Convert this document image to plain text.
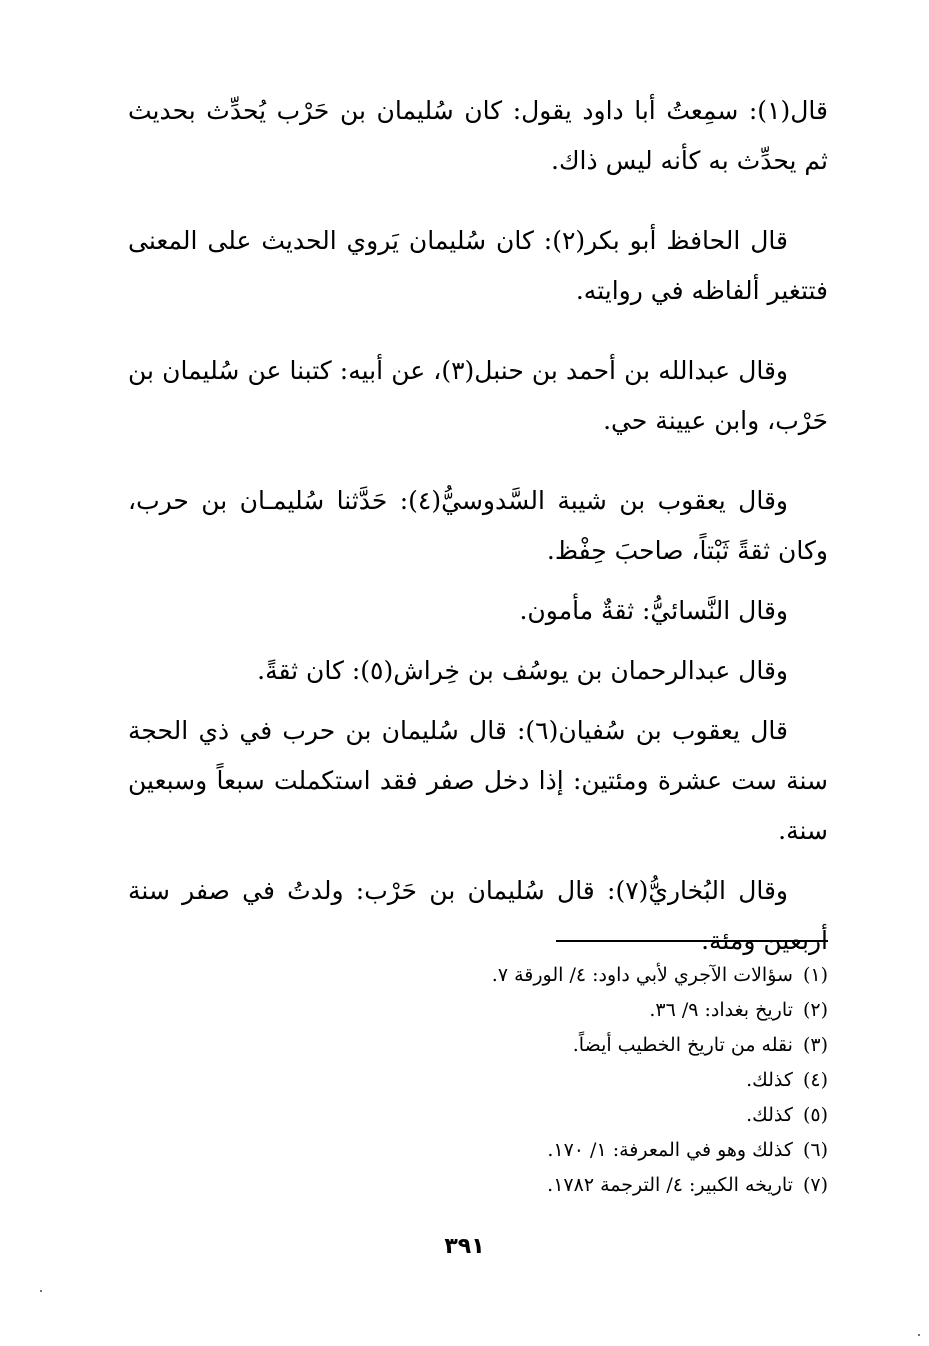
قال(١): سمِعتُ أبا داود يقول: كان سُليمان بن حَرْب يُحدِّث بحديث ثم يحدِّث به كأنه ليس ذاك.

قال الحافظ أبو بكر(٢): كان سُليمان يَروي الحديث على المعنى فتتغير ألفاظه في روايته.

وقال عبدالله بن أحمد بن حنبل(٣)، عن أبيه: كتبنا عن سُليمان بن حَرْب، وابن عيينة حي.

وقال يعقوب بن شيبة السَّدوسيُّ(٤): حَدَّثنا سُليمـان بن حرب، وكان ثقةً ثَبْتاً، صاحبَ حِفْظ.

وقال النَّسائيُّ: ثقةٌ مأمون.

وقال عبدالرحمان بن يوسُف بن خِراش(٥): كان ثقةً.

قال يعقوب بن سُفيان(٦): قال سُليمان بن حرب في ذي الحجة سنة ست عشرة ومئتين: إذا دخل صفر فقد استكملت سبعاً وسبعين سنة.

وقال البُخاريُّ(٧): قال سُليمان بن حَرْب: ولدتُ في صفر سنة أربعين ومئة.

(١)سؤالات الآجري لأبي داود: ٤/ الورقة ٧.
(٢)تاريخ بغداد: ٩/ ٣٦.
(٣)نقله من تاريخ الخطيب أيضاً.
(٤)كذلك.
(٥)كذلك.
(٦)كذلك وهو في المعرفة: ١/ ١٧٠.
(٧)تاريخه الكبير: ٤/ الترجمة ١٧٨٢.
٣٩١
